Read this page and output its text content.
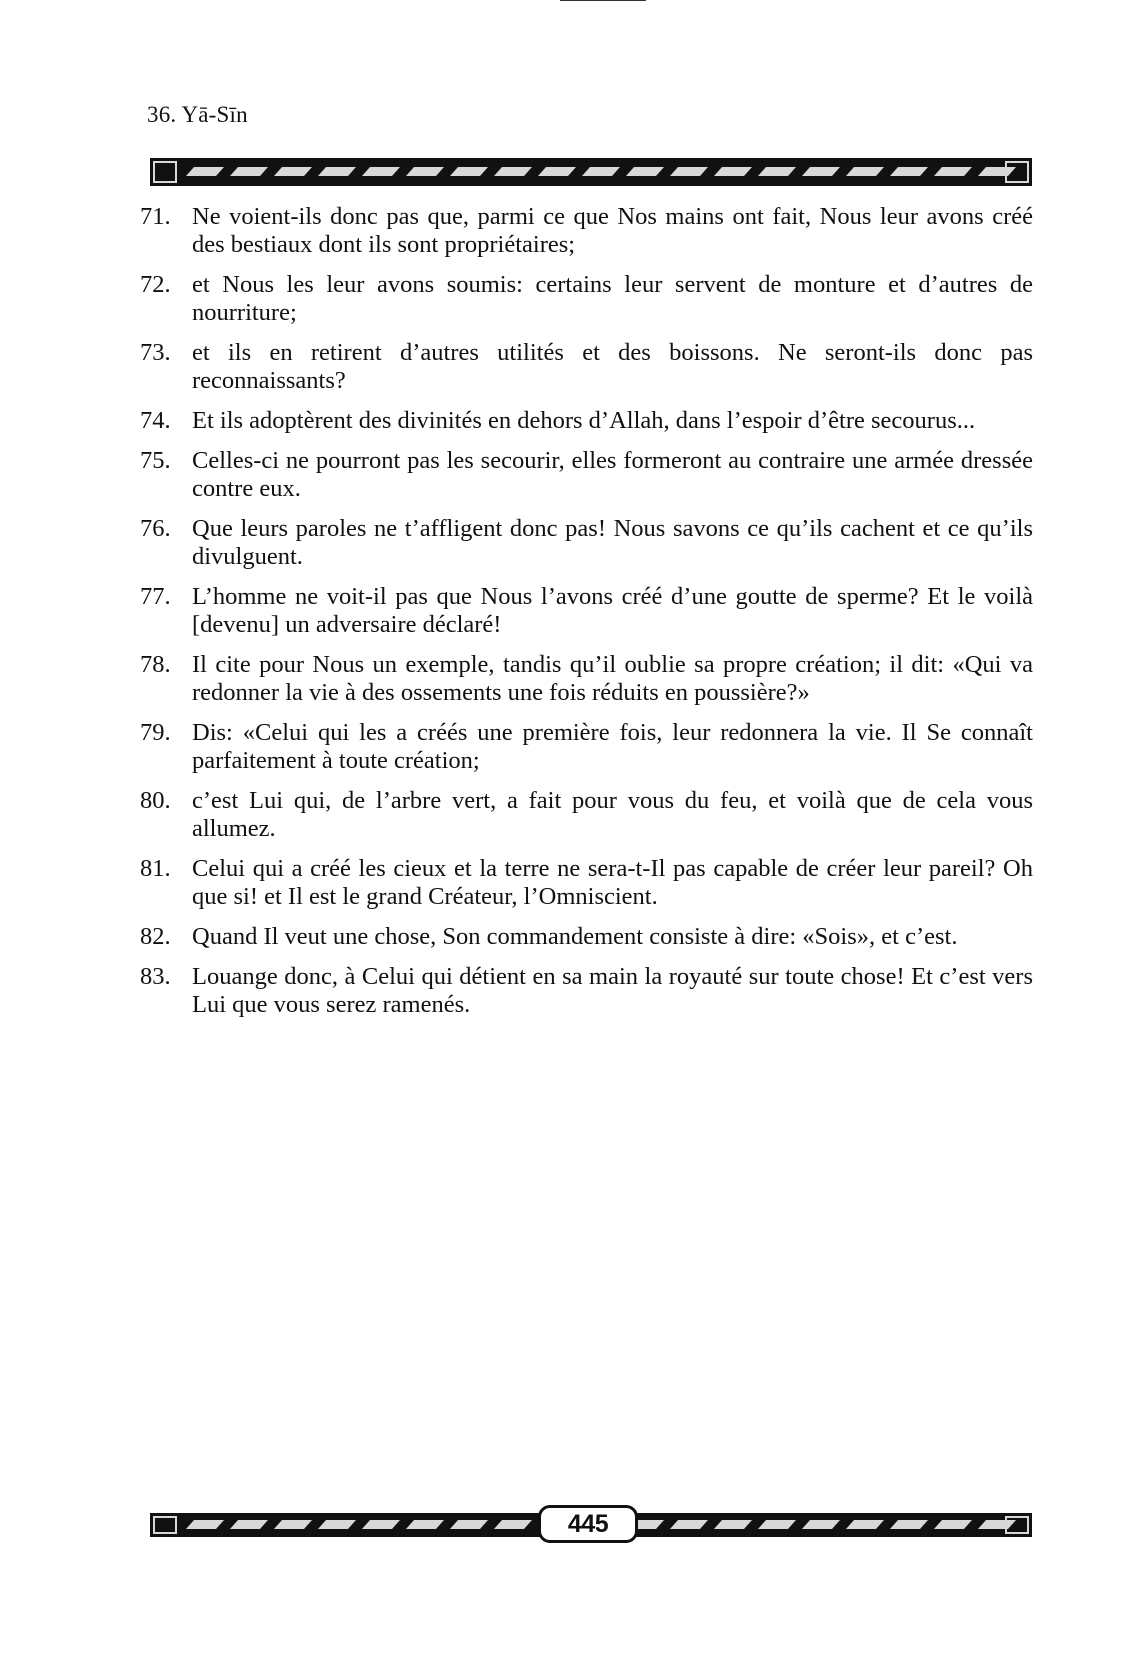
36. Yā-Sīn
71. Ne voient-ils donc pas que, parmi ce que Nos mains ont fait, Nous leur avons créé des bestiaux dont ils sont propriétaires;
72. et Nous les leur avons soumis: certains leur servent de monture et d’autres de nourriture;
73. et ils en retirent d’autres utilités et des boissons. Ne seront-ils donc pas reconnaissants?
74. Et ils adoptèrent des divinités en dehors d’Allah, dans l’espoir d’être secourus...
75. Celles-ci ne pourront pas les secourir, elles formeront au contraire une armée dressée contre eux.
76. Que leurs paroles ne t’affligent donc pas! Nous savons ce qu’ils cachent et ce qu’ils divulguent.
77. L’homme ne voit-il pas que Nous l’avons créé d’une goutte de sperme? Et le voilà [devenu] un adversaire déclaré!
78. Il cite pour Nous un exemple, tandis qu’il oublie sa propre création; il dit: «Qui va redonner la vie à des ossements une fois réduits en poussière?»
79. Dis: «Celui qui les a créés une première fois, leur redonnera la vie. Il Se connaît parfaitement à toute création;
80. c’est Lui qui, de l’arbre vert, a fait pour vous du feu, et voilà que de cela vous allumez.
81. Celui qui a créé les cieux et la terre ne sera-t-Il pas capable de créer leur pareil? Oh que si! et Il est le grand Créateur, l’Omniscient.
82. Quand Il veut une chose, Son commandement consiste à dire: «Sois», et c’est.
83. Louange donc, à Celui qui détient en sa main la royauté sur toute chose! Et c’est vers Lui que vous serez ramenés.
445
